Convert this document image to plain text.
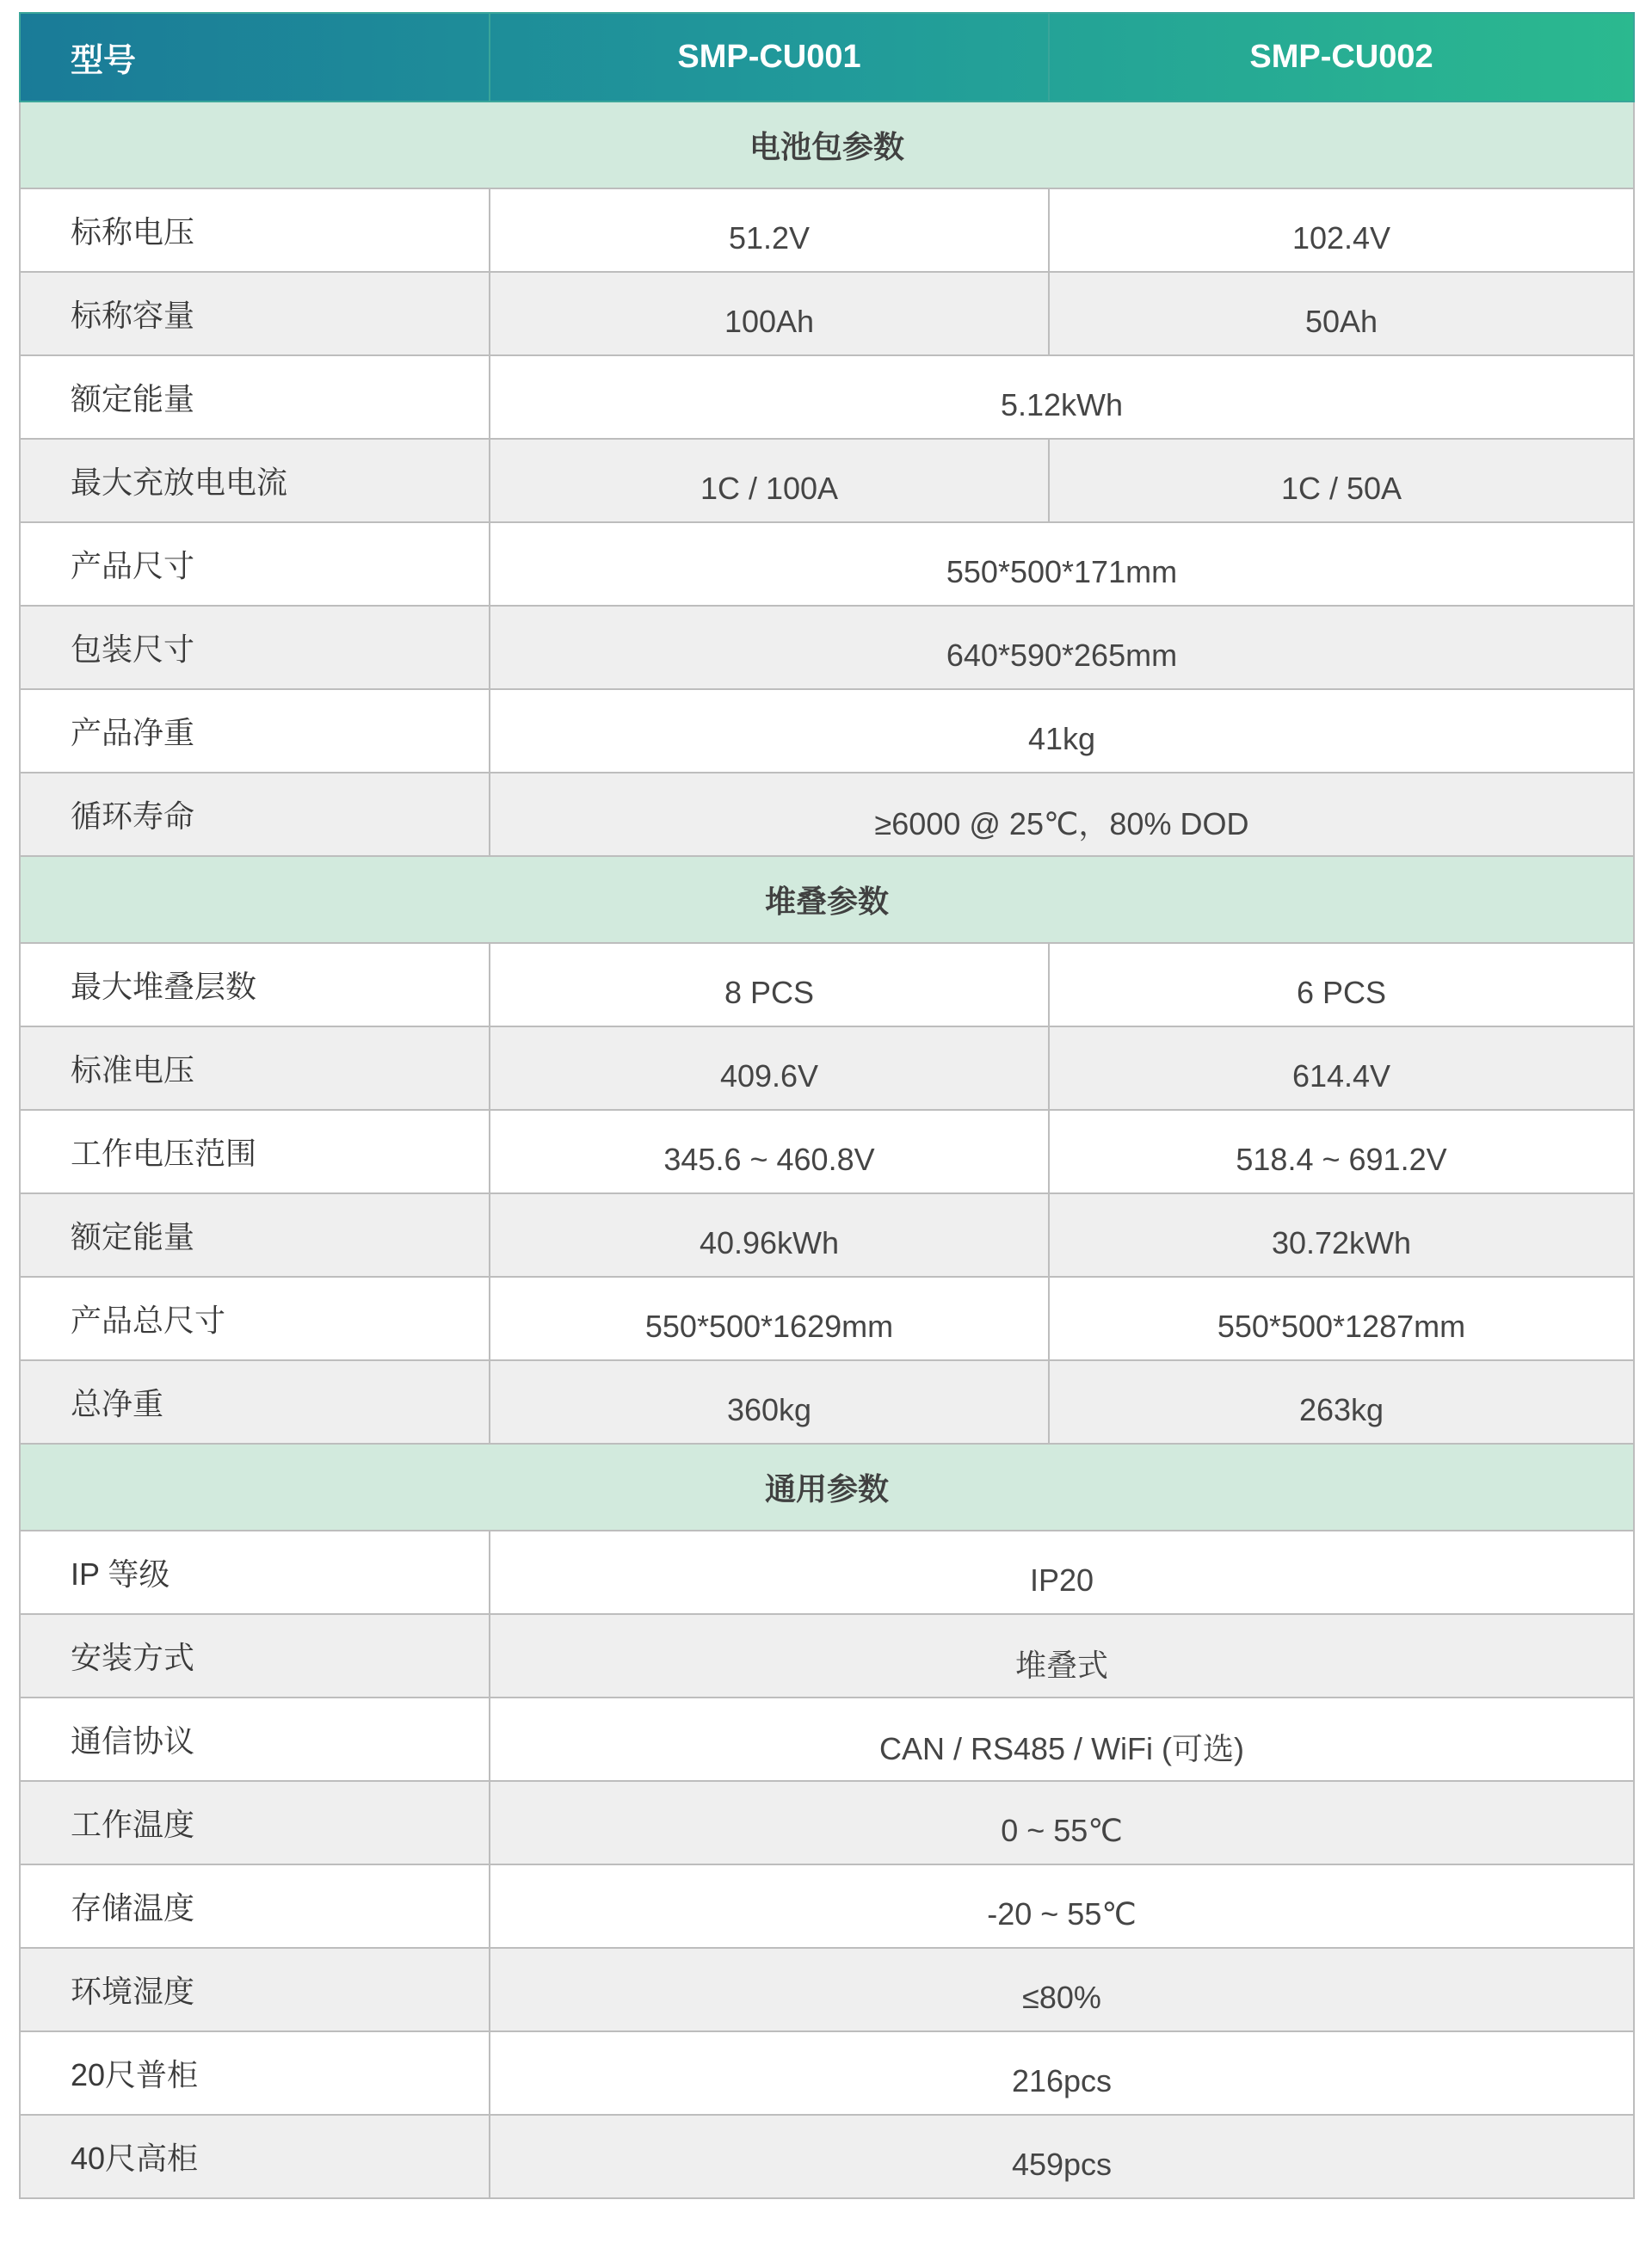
型号	SMP-CU001	SMP-CU002
电池包参数		
标称电压	51.2V	102.4V
标称容量	100Ah	50Ah
额定能量	5.12kWh	
最大充放电电流	1C / 100A	1C / 50A
产品尺寸	550*500*171mm	
包装尺寸	640*590*265mm	
产品净重	41kg	
循环寿命	≥6000 @ 25℃，80% DOD	
堆叠参数		
最大堆叠层数	8 PCS	6 PCS
标准电压	409.6V	614.4V
工作电压范围	345.6 ~ 460.8V	518.4 ~ 691.2V
额定能量	40.96kWh	30.72kWh
产品总尺寸	550*500*1629mm	550*500*1287mm
总净重	360kg	263kg
通用参数		
IP 等级	IP20	
安装方式	堆叠式	
通信协议	CAN / RS485 / WiFi (可选)	
工作温度	0 ~ 55℃	
存储温度	-20 ~ 55℃	
环境湿度	≤80%	
20尺普柜	216pcs	
40尺高柜	459pcs	
